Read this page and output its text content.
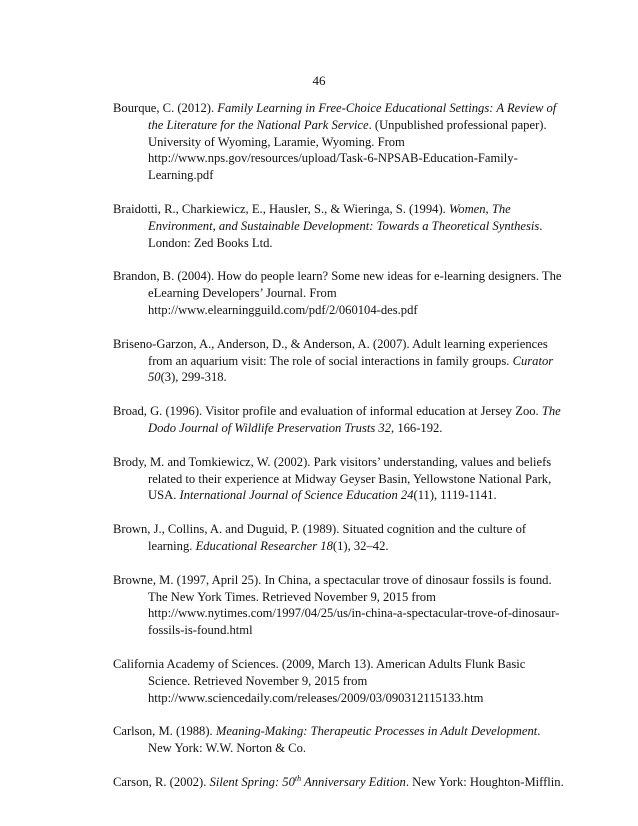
46

Bourque, C. (2012). Family Learning in Free-Choice Educational Settings: A Review of the Literature for the National Park Service. (Unpublished professional paper). University of Wyoming, Laramie, Wyoming. From http://www.nps.gov/resources/upload/Task-6-NPSAB-Education-Family-Learning.pdf

Braidotti, R., Charkiewicz, E., Hausler, S., & Wieringa, S. (1994). Women, The Environment, and Sustainable Development: Towards a Theoretical Synthesis. London: Zed Books Ltd.

Brandon, B. (2004). How do people learn? Some new ideas for e-learning designers. The eLearning Developers’ Journal. From http://www.elearningguild.com/pdf/2/060104-des.pdf

Briseno-Garzon, A., Anderson, D., & Anderson, A. (2007). Adult learning experiences from an aquarium visit: The role of social interactions in family groups. Curator 50(3), 299-318.

Broad, G. (1996). Visitor profile and evaluation of informal education at Jersey Zoo. The Dodo Journal of Wildlife Preservation Trusts 32, 166-192.

Brody, M. and Tomkiewicz, W. (2002). Park visitors’ understanding, values and beliefs related to their experience at Midway Geyser Basin, Yellowstone National Park, USA. International Journal of Science Education 24(11), 1119-1141.

Brown, J., Collins, A. and Duguid, P. (1989). Situated cognition and the culture of learning. Educational Researcher 18(1), 32–42.

Browne, M. (1997, April 25). In China, a spectacular trove of dinosaur fossils is found. The New York Times. Retrieved November 9, 2015 from http://www.nytimes.com/1997/04/25/us/in-china-a-spectacular-trove-of-dinosaur-fossils-is-found.html

California Academy of Sciences. (2009, March 13). American Adults Flunk Basic Science. Retrieved November 9, 2015 from http://www.sciencedaily.com/releases/2009/03/090312115133.htm

Carlson, M. (1988). Meaning-Making: Therapeutic Processes in Adult Development. New York: W.W. Norton & Co.

Carson, R. (2002). Silent Spring: 50th Anniversary Edition. New York: Houghton-Mifflin.
